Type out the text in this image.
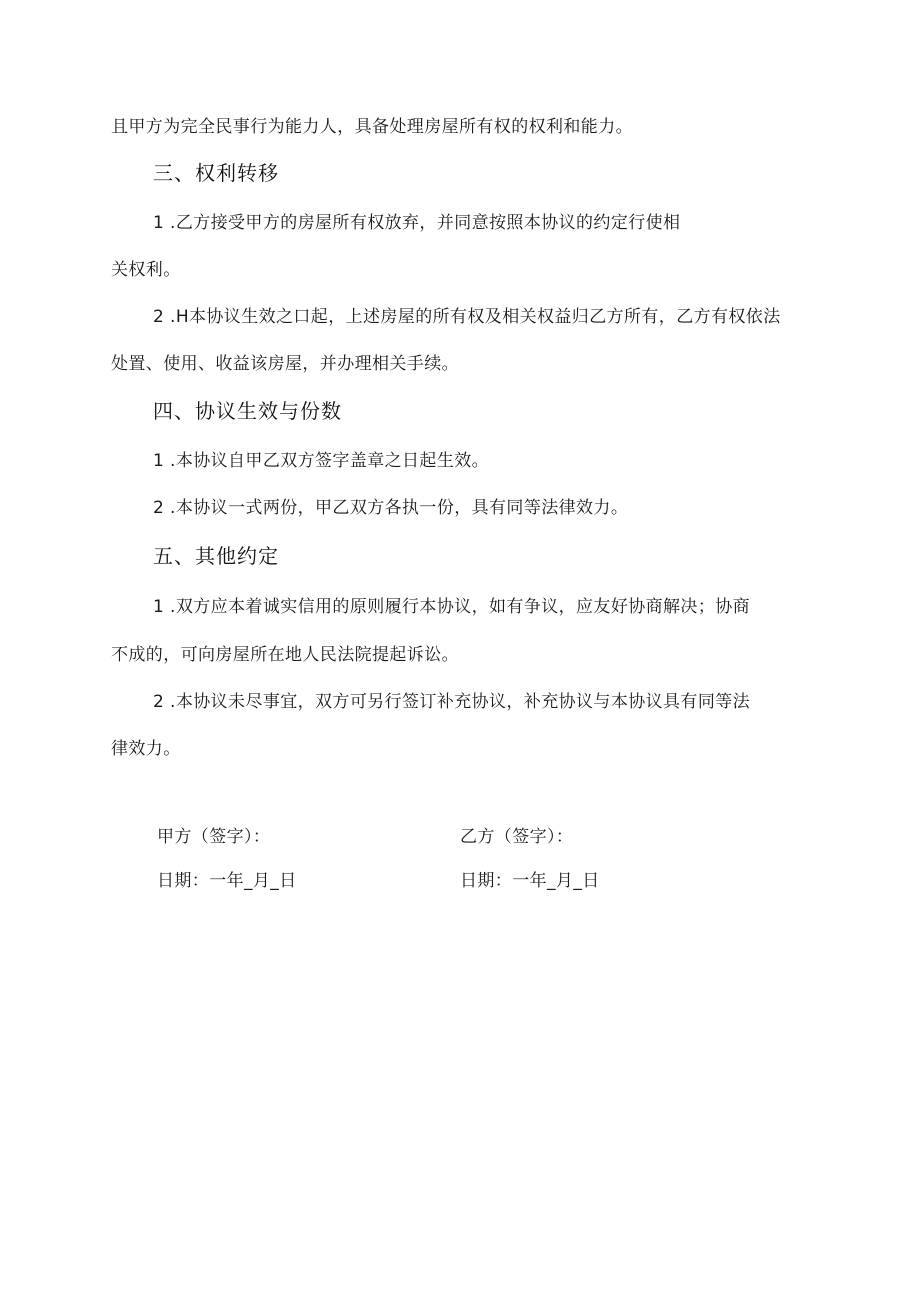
且甲方为完全民事行为能力人，具备处理房屋所有权的权利和能力。
三、权利转移
1 .乙方接受甲方的房屋所有权放弃，并同意按照本协议的约定行使相
关权利。
2 .H本协议生效之口起，上述房屋的所有权及相关权益归乙方所有，乙方有权依法
处置、使用、收益该房屋，并办理相关手续。
四、协议生效与份数
1 .本协议自甲乙双方签字盖章之日起生效。
2 .本协议一式两份，甲乙双方各执一份，具有同等法律效力。
五、其他约定
1 .双方应本着诚实信用的原则履行本协议，如有争议，应友好协商解决；协商
不成的，可向房屋所在地人民法院提起诉讼。
2 .本协议未尽事宜，双方可另行签订补充协议，补充协议与本协议具有同等法
律效力。
甲方（签字）：	乙方（签字）：
日期：一年_月_日	日期：一年_月_日
